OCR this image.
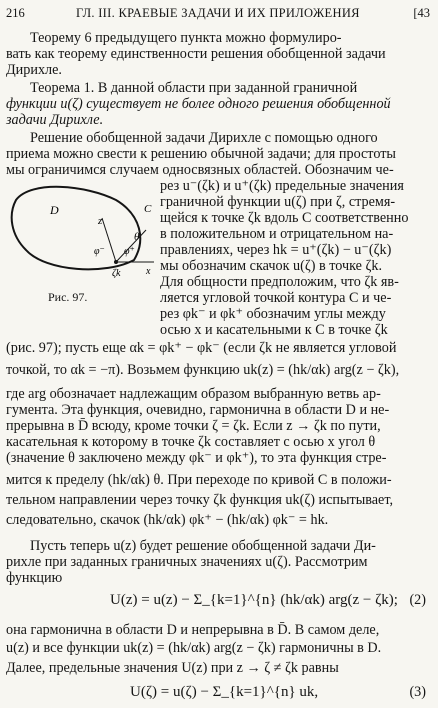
216	ГЛ. III. КРАЕВЫЕ ЗАДАЧИ И ИХ ПРИЛОЖЕНИЯ	[43
Теорему 6 предыдущего пункта можно формулиро-
вать как теорему единственности решения обобщенной задачи
Дирихле.
Теорема 1. В данной области при заданной граничной
функции u(ζ) существует не более одного решения обобщенной
задачи Дирихле.
Решение обобщенной задачи Дирихле с помощью одного
приема можно свести к решению обычной задачи; для простоты
мы ограничимся случаем односвязных областей. Обозначим че-
D	C
z
θ
φ⁺
φ⁻
ζk	x
Рис. 97.
рез u⁻(ζk) и u⁺(ζk) предельные значения
граничной функции u(ζ) при ζ, стремя-
щейся к точке ζk вдоль C соответственно
в положительном и отрицательном на-
правлениях, через hk = u⁺(ζk) − u⁻(ζk)
мы обозначим скачок u(ζ) в точке ζk.
Для общности предположим, что ζk яв-
ляется угловой точкой контура C и че-
рез φk⁻ и φk⁺ обозначим углы между
осью x и касательными к C в точке ζk
(рис. 97); пусть еще αk = φk⁺ − φk⁻ (если ζk не является угловой
точкой, то αk = −π). Возьмем функцию uk(z) = (hk/αk) arg(z − ζk),
где arg обозначает надлежащим образом выбранную ветвь ар-
гумента. Эта функция, очевидно, гармонична в области D и не-
прерывна в D̄ всюду, кроме точки ζ = ζk. Если z → ζk по пути,
касательная к которому в точке ζk составляет с осью x угол θ
(значение θ заключено между φk⁻ и φk⁺), то эта функция стре-
мится к пределу (hk/αk) θ. При переходе по кривой C в положи-
тельном направлении через точку ζk функция uk(ζ) испытывает,
следовательно, скачок (hk/αk) φk⁺ − (hk/αk) φk⁻ = hk.
Пусть теперь u(z) будет решение обобщенной задачи Ди-
рихле при заданных граничных значениях u(ζ). Рассмотрим
функцию
U(z) = u(z) − Σ_{k=1}^{n} (hk/αk) arg(z − ζk); (2)
она гармонична в области D и непрерывна в D̄. В самом деле,
u(z) и все функции uk(z) = (hk/αk) arg(z − ζk) гармоничны в D.
Далее, предельные значения U(z) при z → ζ ≠ ζk равны
U(ζ) = u(ζ) − Σ_{k=1}^{n} uk,	(3)
